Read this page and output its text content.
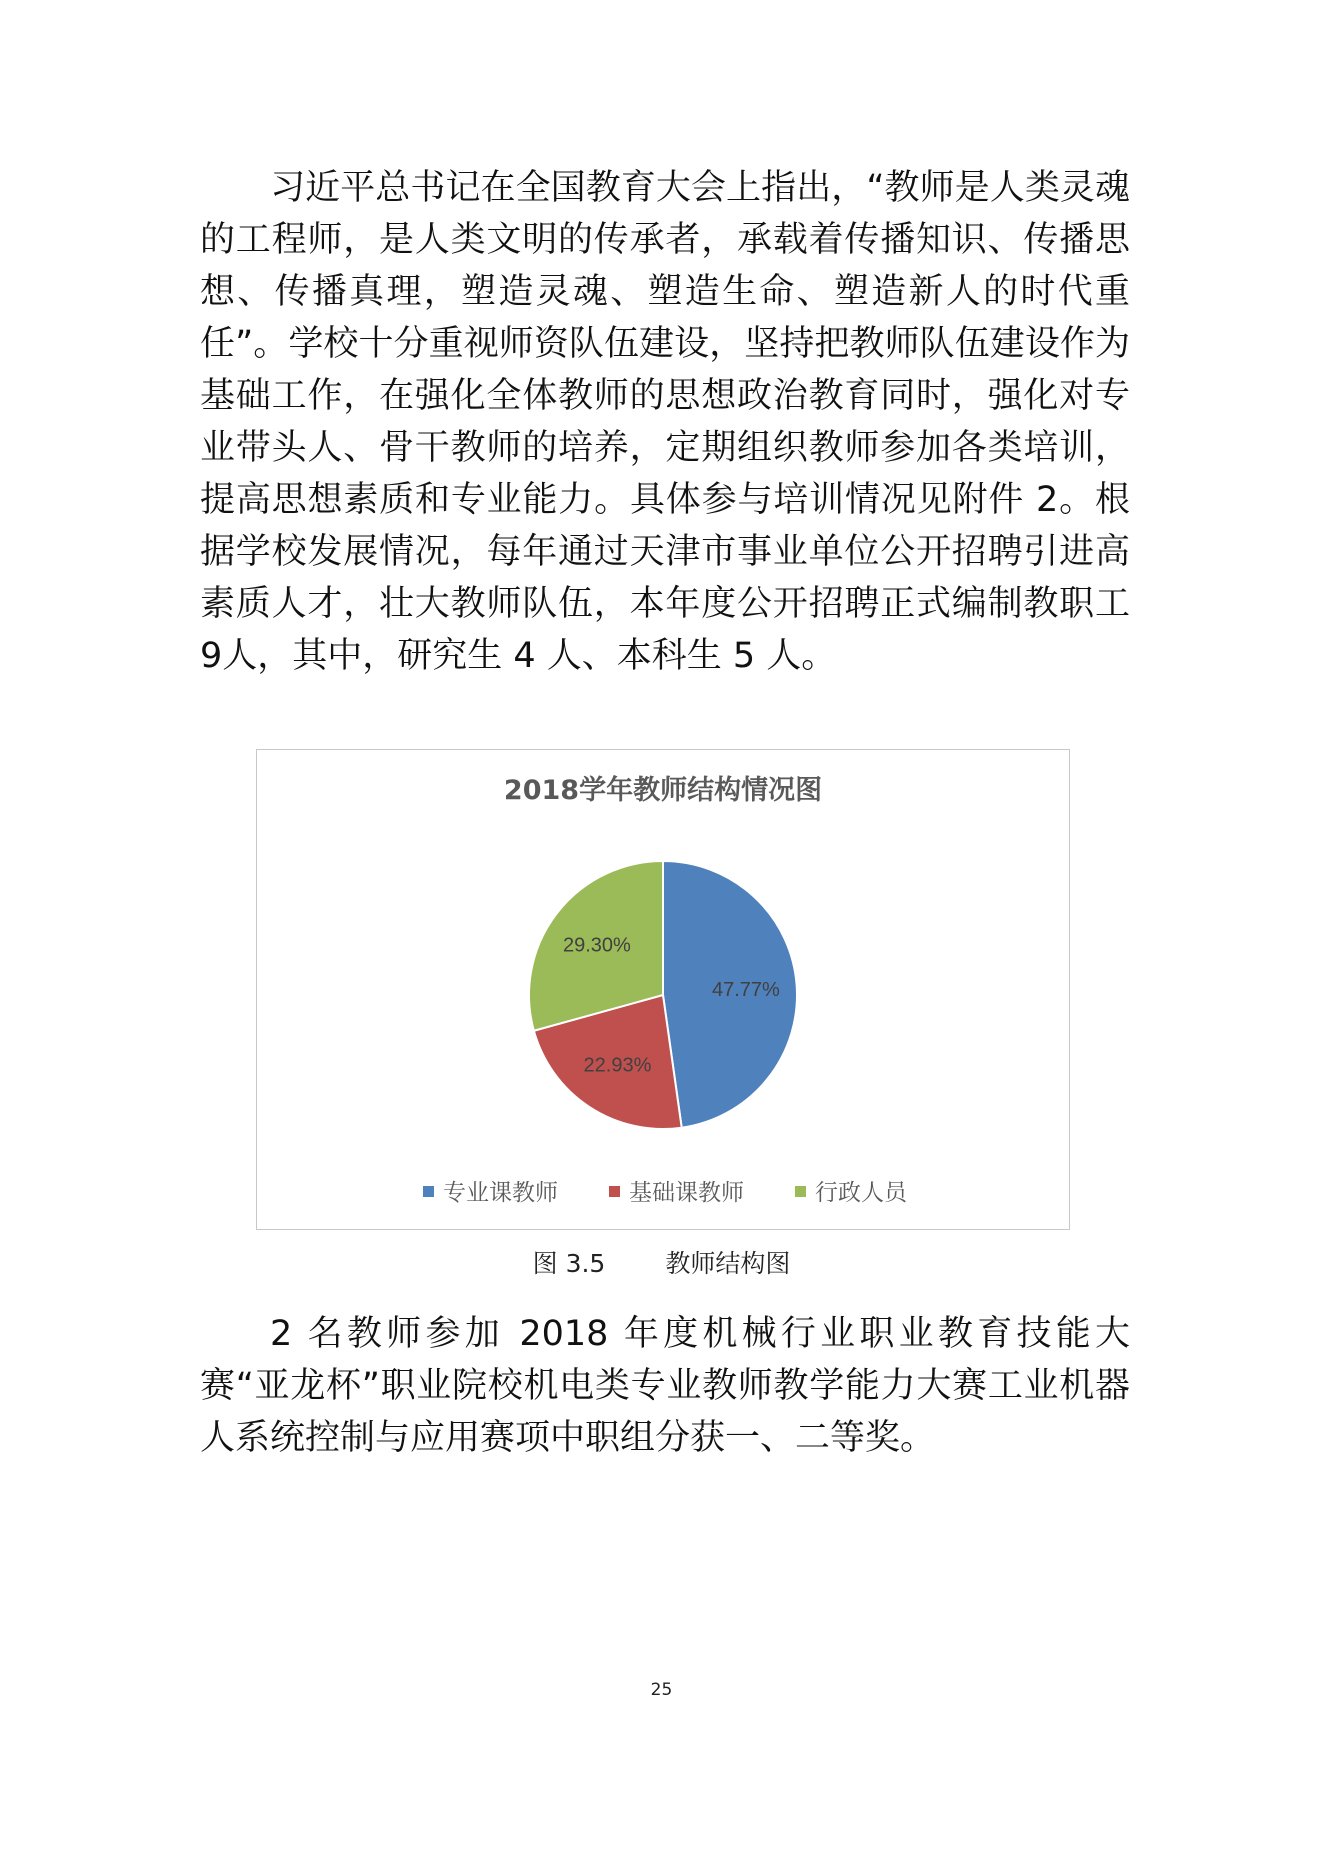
习近平总书记在全国教育大会上指出，“教师是人类灵魂的工程师，是人类文明的传承者，承载着传播知识、传播思想、传播真理，塑造灵魂、塑造生命、塑造新人的时代重任”。学校十分重视师资队伍建设，坚持把教师队伍建设作为基础工作，在强化全体教师的思想政治教育同时，强化对专业带头人、骨干教师的培养，定期组织教师参加各类培训，提高思想素质和专业能力。具体参与培训情况见附件 2。根据学校发展情况，每年通过天津市事业单位公开招聘引进高素质人才，壮大教师队伍，本年度公开招聘正式编制教职工 9人，其中，研究生 4 人、本科生 5 人。

2018学年教师结构情况图
47.77%
22.93%
29.30%
专业课教师	基础课教师	行政人员
图 3.5 教师结构图

2 名教师参加 2018 年度机械行业职业教育技能大赛“亚龙杯”职业院校机电类专业教师教学能力大赛工业机器人系统控制与应用赛项中职组分获一、二等奖。

25
